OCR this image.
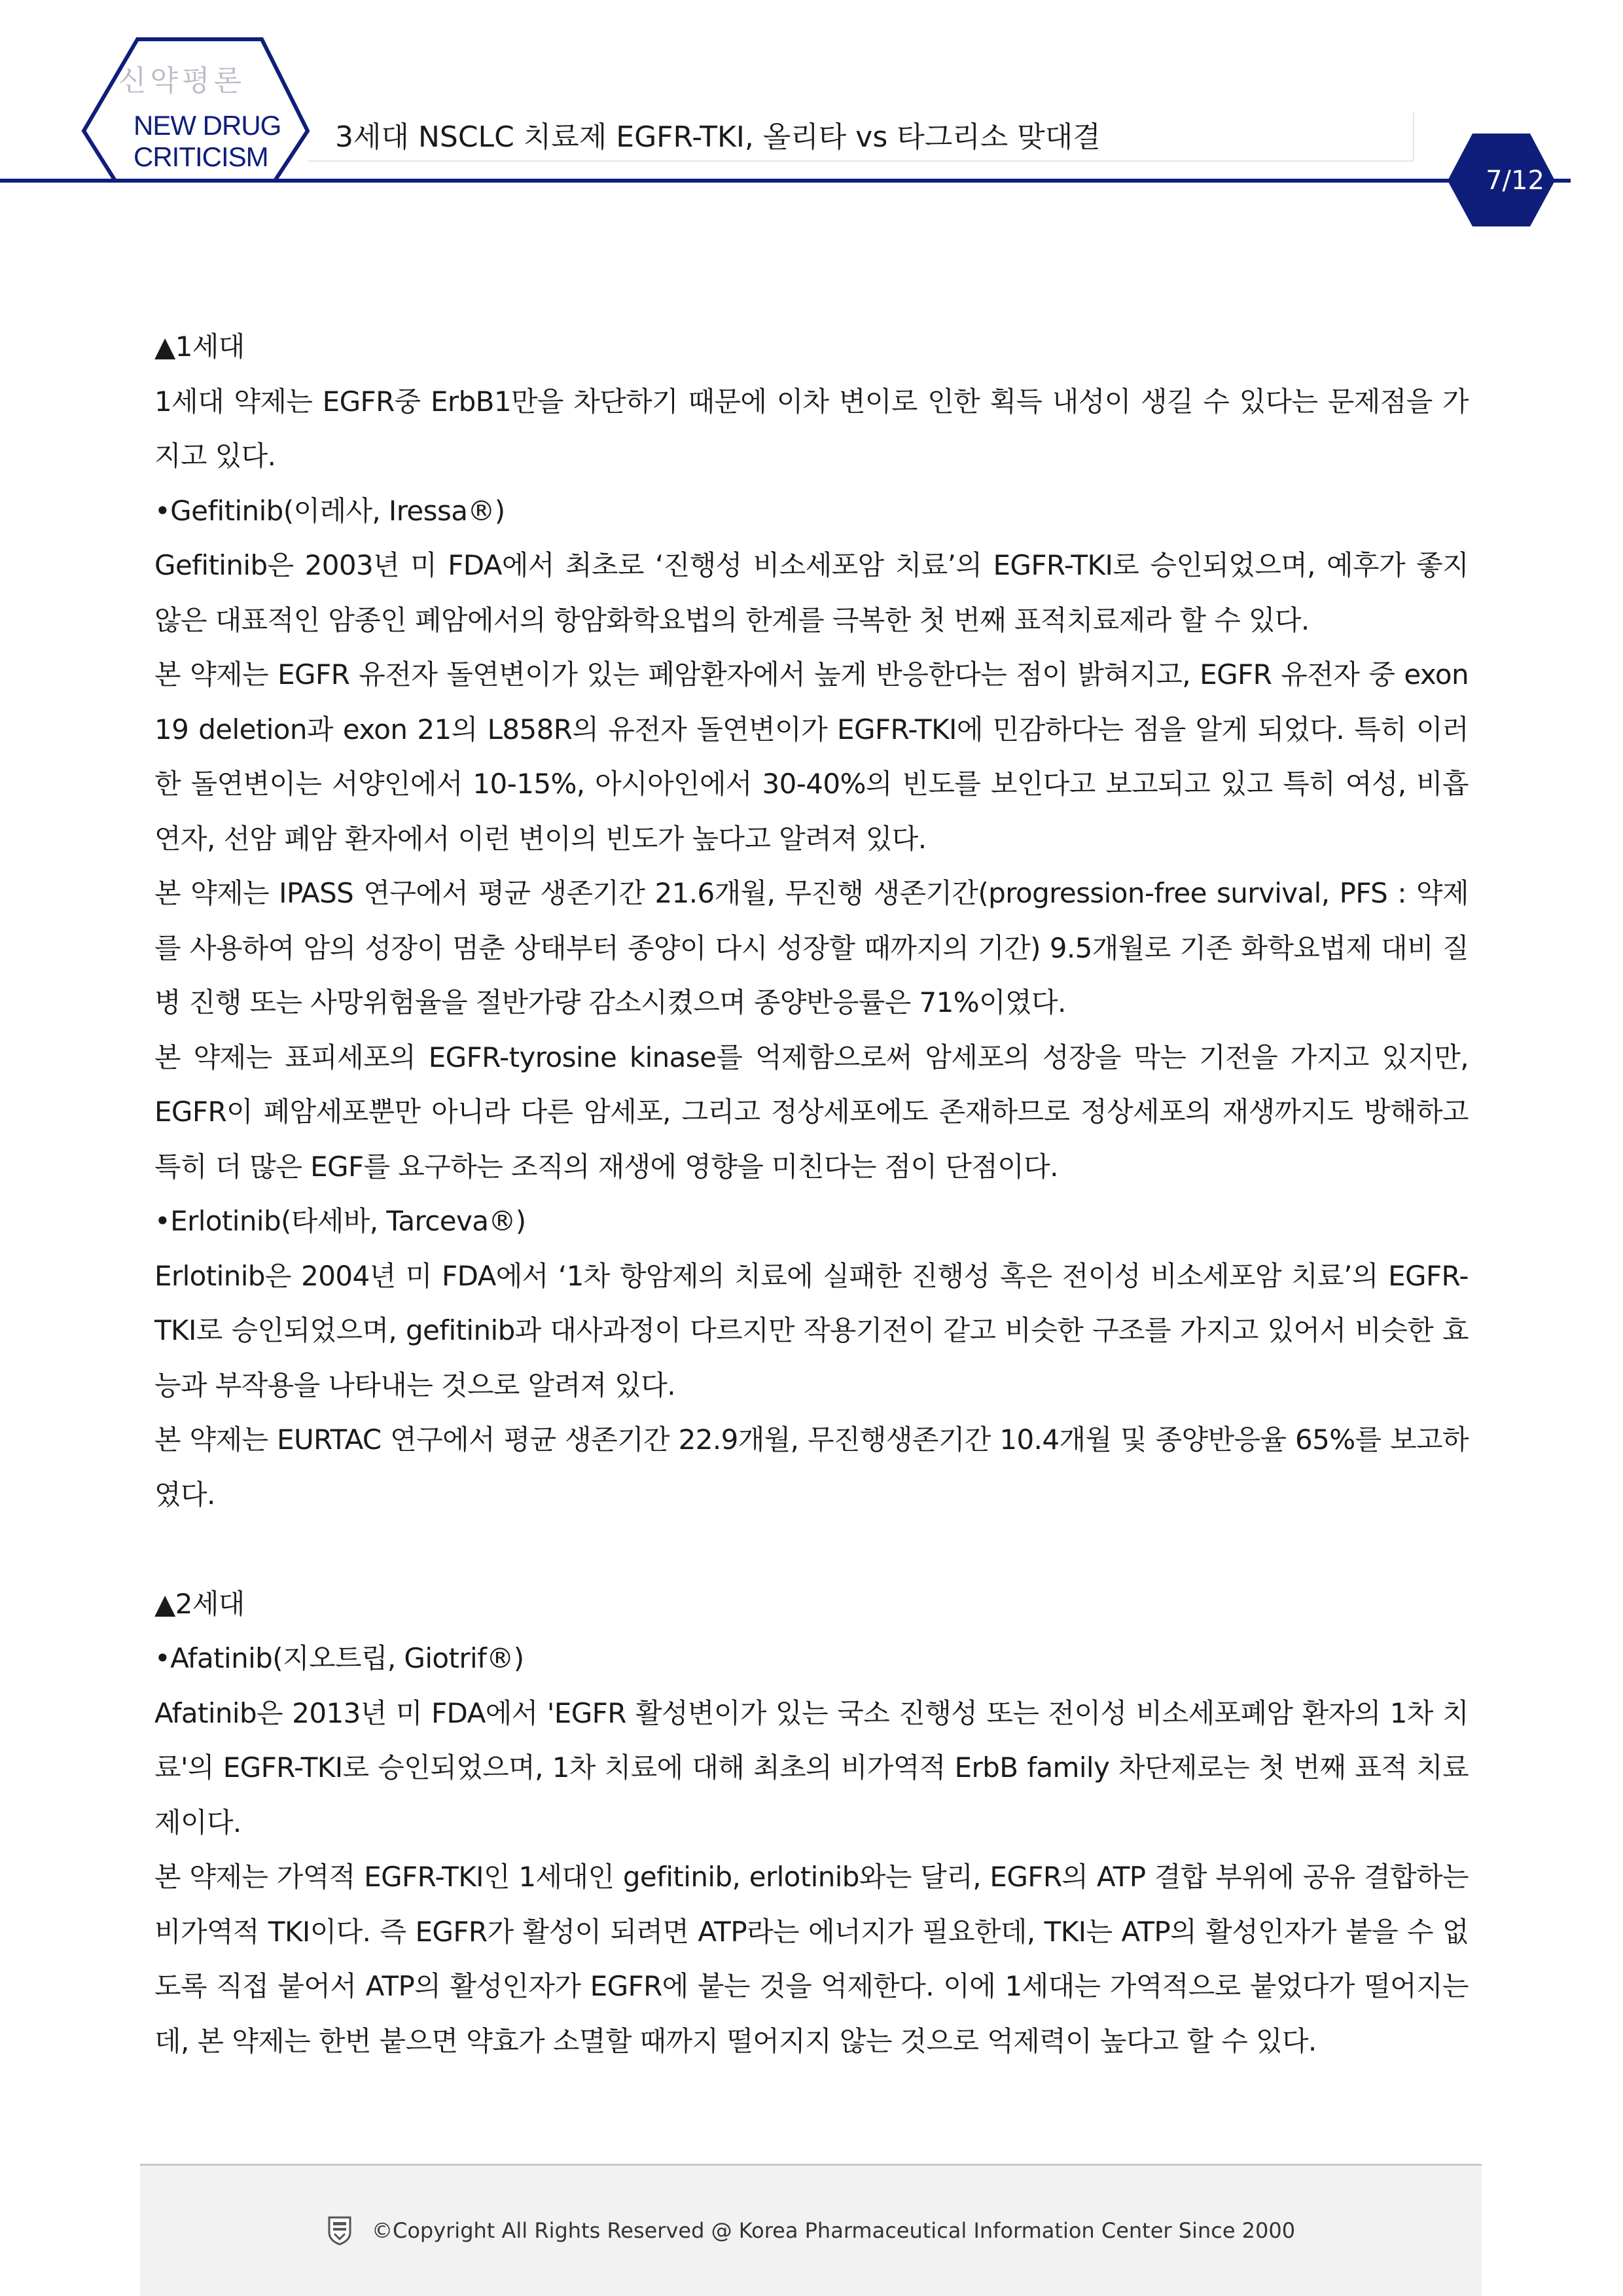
신약평론
NEW DRUG
CRITICISM
3세대 NSCLC 치료제 EGFR-TKI, 올리타 vs 타그리소 맞대결
7/12

▲1세대

1세대 약제는 EGFR중 ErbB1만을 차단하기 때문에 이차 변이로 인한 획득 내성이 생길 수 있다는 문제점을 가지고 있다.

•Gefitinib(이레사, Iressa®)

Gefitinib은 2003년 미 FDA에서 최초로 ‘진행성 비소세포암 치료’의 EGFR-TKI로 승인되었으며, 예후가 좋지 않은 대표적인 암종인 폐암에서의 항암화학요법의 한계를 극복한 첫 번째 표적치료제라 할 수 있다.

본 약제는 EGFR 유전자 돌연변이가 있는 폐암환자에서 높게 반응한다는 점이 밝혀지고, EGFR 유전자 중 exon 19 deletion과 exon 21의 L858R의 유전자 돌연변이가 EGFR-TKI에 민감하다는 점을 알게 되었다. 특히 이러한 돌연변이는 서양인에서 10-15%, 아시아인에서 30-40%의 빈도를 보인다고 보고되고 있고 특히 여성, 비흡연자, 선암 폐암 환자에서 이런 변이의 빈도가 높다고 알려져 있다.

본 약제는 IPASS 연구에서 평균 생존기간 21.6개월, 무진행 생존기간(progression-free survival, PFS : 약제를 사용하여 암의 성장이 멈춘 상태부터 종양이 다시 성장할 때까지의 기간) 9.5개월로 기존 화학요법제 대비 질병 진행 또는 사망위험율을 절반가량 감소시켰으며 종양반응률은 71%이였다.

본 약제는 표피세포의 EGFR-tyrosine kinase를 억제함으로써 암세포의 성장을 막는 기전을 가지고 있지만, EGFR이 폐암세포뿐만 아니라 다른 암세포, 그리고 정상세포에도 존재하므로 정상세포의 재생까지도 방해하고 특히 더 많은 EGF를 요구하는 조직의 재생에 영향을 미친다는 점이 단점이다.

•Erlotinib(타세바, Tarceva®)

Erlotinib은 2004년 미 FDA에서 ‘1차 항암제의 치료에 실패한 진행성 혹은 전이성 비소세포암 치료’의 EGFR-TKI로 승인되었으며, gefitinib과 대사과정이 다르지만 작용기전이 같고 비슷한 구조를 가지고 있어서 비슷한 효능과 부작용을 나타내는 것으로 알려져 있다.

본 약제는 EURTAC 연구에서 평균 생존기간 22.9개월, 무진행생존기간 10.4개월 및 종양반응율 65%를 보고하였다.

▲2세대

•Afatinib(지오트립, Giotrif®)

Afatinib은 2013년 미 FDA에서 'EGFR 활성변이가 있는 국소 진행성 또는 전이성 비소세포폐암 환자의 1차 치료'의 EGFR-TKI로 승인되었으며, 1차 치료에 대해 최초의 비가역적 ErbB family 차단제로는 첫 번째 표적 치료제이다.

본 약제는 가역적 EGFR-TKI인 1세대인 gefitinib, erlotinib와는 달리, EGFR의 ATP 결합 부위에 공유 결합하는 비가역적 TKI이다. 즉 EGFR가 활성이 되려면 ATP라는 에너지가 필요한데, TKI는 ATP의 활성인자가 붙을 수 없도록 직접 붙어서 ATP의 활성인자가 EGFR에 붙는 것을 억제한다. 이에 1세대는 가역적으로 붙었다가 떨어지는데, 본 약제는 한번 붙으면 약효가 소멸할 때까지 떨어지지 않는 것으로 억제력이 높다고 할 수 있다.

©Copyright All Rights Reserved @ Korea Pharmaceutical Information Center Since 2000
